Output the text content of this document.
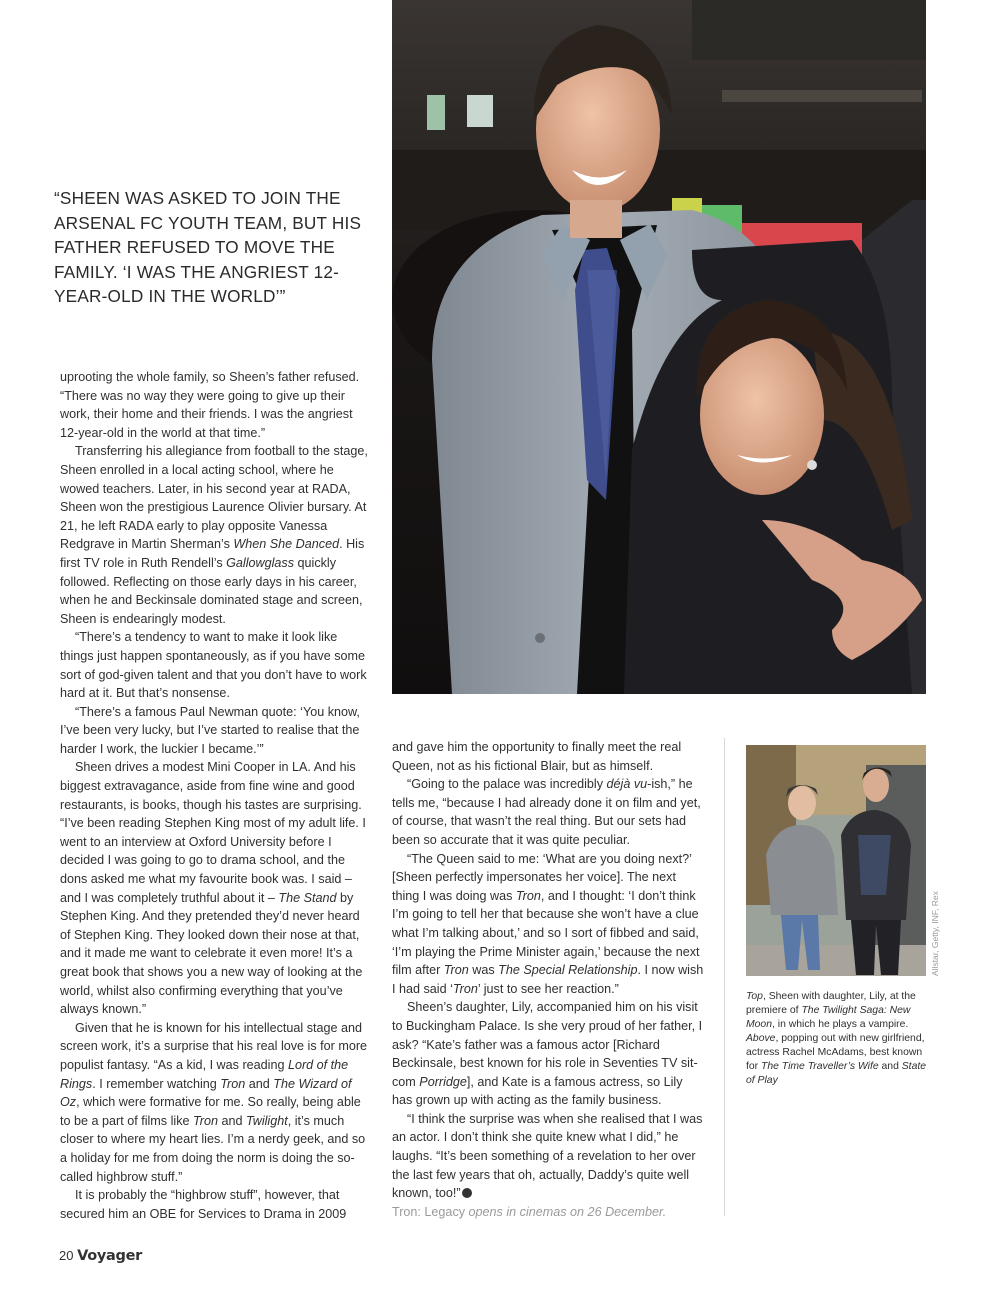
“SHEEN WAS ASKED TO JOIN THE ARSENAL FC YOUTH TEAM, BUT HIS FATHER REFUSED TO MOVE THE FAMILY. ‘I WAS THE ANGRIEST 12-YEAR-OLD IN THE WORLD’”

uprooting the whole family, so Sheen’s father refused. “There was no way they were going to give up their work, their home and their friends. I was the angriest 12-year-old in the world at that time.”

Transferring his allegiance from football to the stage, Sheen enrolled in a local acting school, where he wowed teachers. Later, in his second year at RADA, Sheen won the prestigious Laurence Olivier bursary. At 21, he left RADA early to play opposite Vanessa Redgrave in Martin Sherman’s When She Danced. His first TV role in Ruth Rendell’s Gallowglass quickly followed. Reflecting on those early days in his career, when he and Beckinsale dominated stage and screen, Sheen is endearingly modest.

“There’s a tendency to want to make it look like things just happen spontaneously, as if you have some sort of god-given talent and that you don’t have to work hard at it. But that’s nonsense.

“There’s a famous Paul Newman quote: ‘You know, I’ve been very lucky, but I’ve started to realise that the harder I work, the luckier I became.’”

Sheen drives a modest Mini Cooper in LA. And his biggest extravagance, aside from fine wine and good restaurants, is books, though his tastes are surprising. “I’ve been reading Stephen King most of my adult life. I went to an interview at Oxford University before I decided I was going to go to drama school, and the dons asked me what my favourite book was. I said – and I was completely truthful about it – The Stand by Stephen King. And they pretended they’d never heard of Stephen King. They looked down their nose at that, and it made me want to celebrate it even more! It’s a great book that shows you a new way of looking at the world, whilst also confirming everything that you’ve always known.”

Given that he is known for his intellectual stage and screen work, it’s a surprise that his real love is for more populist fantasy. “As a kid, I was reading Lord of the Rings. I remember watching Tron and The Wizard of Oz, which were formative for me. So really, being able to be a part of films like Tron and Twilight, it’s much closer to where my heart lies. I’m a nerdy geek, and so a holiday for me from doing the norm is doing the so-called highbrow stuff.”

It is probably the “highbrow stuff”, however, that secured him an OBE for Services to Drama in 2009

and gave him the opportunity to finally meet the real Queen, not as his fictional Blair, but as himself.

“Going to the palace was incredibly déjà vu-ish,” he tells me, “because I had already done it on film and yet, of course, that wasn’t the real thing. But our sets had been so accurate that it was quite peculiar.

“The Queen said to me: ‘What are you doing next?’ [Sheen perfectly impersonates her voice]. The next thing I was doing was Tron, and I thought: ‘I don’t think I’m going to tell her that because she won’t have a clue what I’m talking about,’ and so I sort of fibbed and said, ‘I’m playing the Prime Minister again,’ because the next film after Tron was The Special Relationship. I now wish I had said ‘Tron’ just to see her reaction.”

Sheen’s daughter, Lily, accompanied him on his visit to Buckingham Palace. Is she very proud of her father, I ask? “Kate’s father was a famous actor [Richard Beckinsale, best known for his role in Seventies TV sit-com Porridge], and Kate is a famous actress, so Lily has grown up with acting as the family business.

“I think the surprise was when she realised that I was an actor. I don’t think she quite knew what I did,” he laughs. “It’s been something of a revelation to her over the last few years that oh, actually, Daddy’s quite well known, too!”

Tron: Legacy opens in cinemas on 26 December.

Allstar, Getty, INF, Rex
Top, Sheen with daughter, Lily, at the premiere of The Twilight Saga: New Moon, in which he plays a vampire. Above, popping out with new girlfriend, actress Rachel McAdams, best known for The Time Traveller’s Wife and State of Play
20 Voyager
